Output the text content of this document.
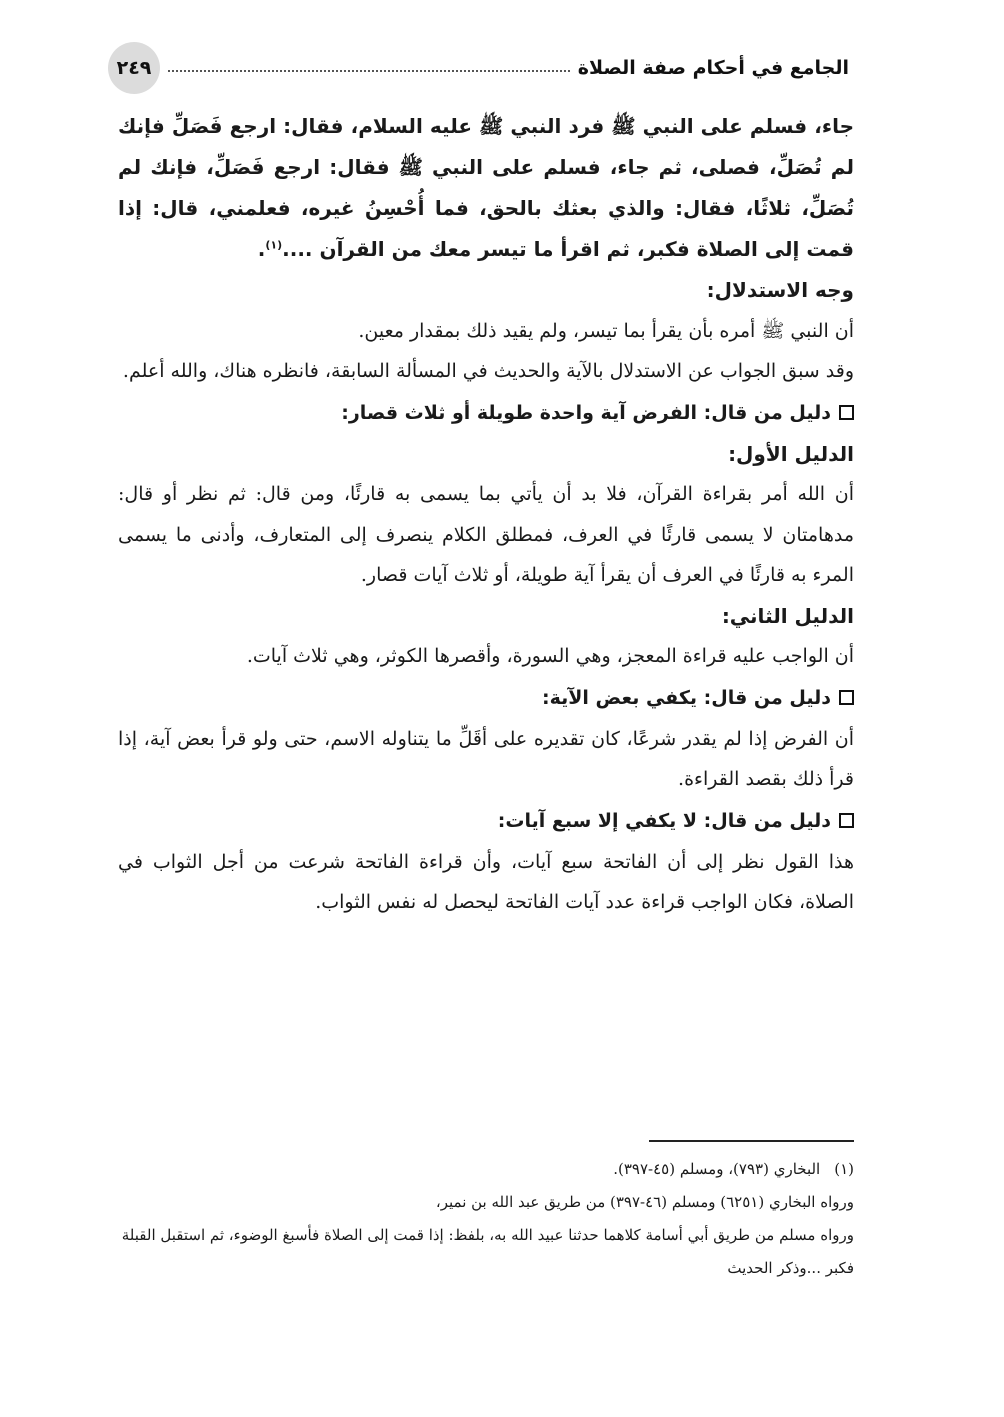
الجامع في أحكام صفة الصلاة
٢٤٩

جاء، فسلم على النبي ﷺ فرد النبي ﷺ عليه السلام، فقال: ارجع فَصَلِّ فإنك لم تُصَلِّ، فصلى، ثم جاء، فسلم على النبي ﷺ فقال: ارجع فَصَلِّ، فإنك لم تُصَلِّ، ثلاثًا، فقال: والذي بعثك بالحق، فما أُحْسِنُ غيره، فعلمني، قال: إذا قمت إلى الصلاة فكبر، ثم اقرأ ما تيسر معك من القرآن ....$^{(١)}$.

وجه الاستدلال:

أن النبي ﷺ أمره بأن يقرأ بما تيسر، ولم يقيد ذلك بمقدار معين.

وقد سبق الجواب عن الاستدلال بالآية والحديث في المسألة السابقة، فانظره هناك، والله أعلم.

دليل من قال: الفرض آية واحدة طويلة أو ثلاث قصار:

الدليل الأول:

أن الله أمر بقراءة القرآن، فلا بد أن يأتي بما يسمى به قارئًا، ومن قال: ثم نظر أو قال: مدهامتان لا يسمى قارئًا في العرف، فمطلق الكلام ينصرف إلى المتعارف، وأدنى ما يسمى المرء به قارئًا في العرف أن يقرأ آية طويلة، أو ثلاث آيات قصار.

الدليل الثاني:

أن الواجب عليه قراءة المعجز، وهي السورة، وأقصرها الكوثر، وهي ثلاث آيات.

دليل من قال: يكفي بعض الآية:

أن الفرض إذا لم يقدر شرعًا، كان تقديره على أقَلِّ ما يتناوله الاسم، حتى ولو قرأ بعض آية، إذا قرأ ذلك بقصد القراءة.

دليل من قال: لا يكفي إلا سبع آيات:

هذا القول نظر إلى أن الفاتحة سبع آيات، وأن قراءة الفاتحة شرعت من أجل الثواب في الصلاة، فكان الواجب قراءة عدد آيات الفاتحة ليحصل له نفس الثواب.

(١)البخاري (٧٩٣)، ومسلم (٤٥-٣٩٧).

ورواه البخاري (٦٢٥١) ومسلم (٤٦-٣٩٧) من طريق عبد الله بن نمير،

ورواه مسلم من طريق أبي أسامة كلاهما حدثنا عبيد الله به، بلفظ: إذا قمت إلى الصلاة فأسبغ الوضوء، ثم استقبل القبلة فكبر ...وذكر الحديث
